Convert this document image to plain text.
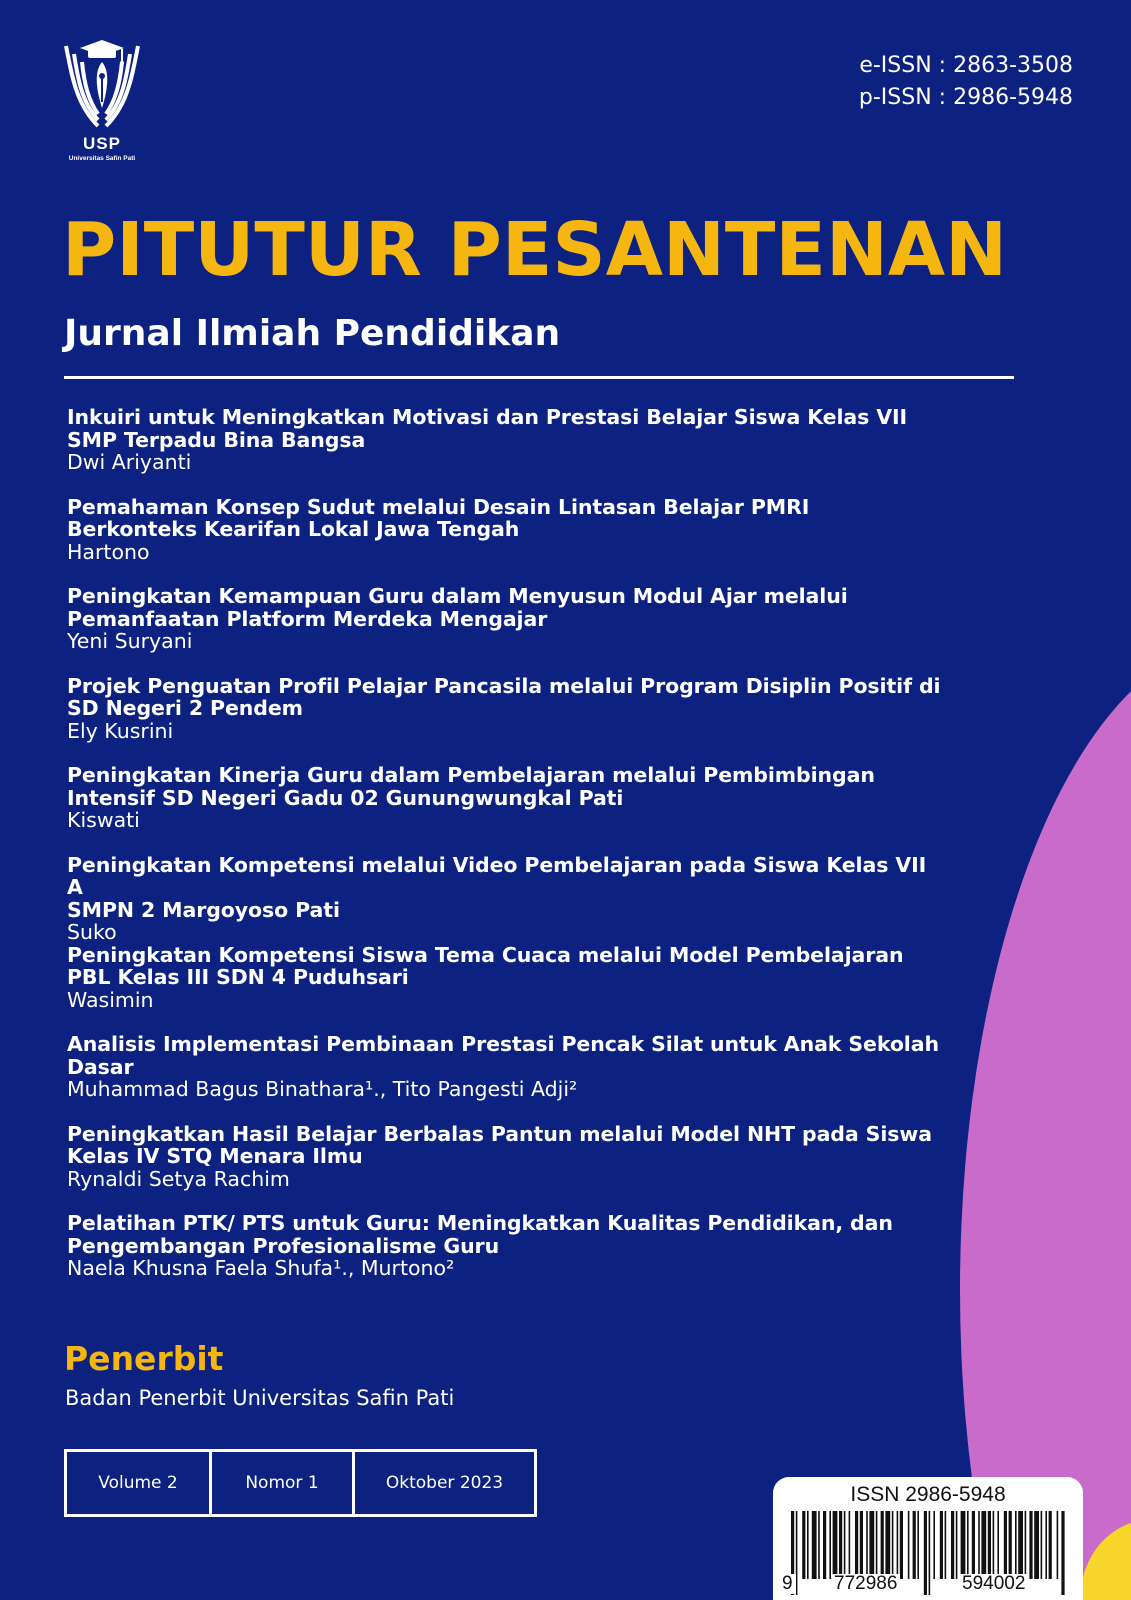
USP
Universitas Safin Pati
e-ISSN : 2863-3508
p-ISSN : 2986-5948
PITUTUR PESANTENAN
Jurnal Ilmiah Pendidikan
Inkuiri untuk Meningkatkan Motivasi dan Prestasi Belajar Siswa Kelas VII
SMP Terpadu Bina Bangsa
Dwi Ariyanti
Pemahaman Konsep Sudut melalui Desain Lintasan Belajar PMRI
Berkonteks Kearifan Lokal Jawa Tengah
Hartono
Peningkatan Kemampuan Guru dalam Menyusun Modul Ajar melalui
Pemanfaatan Platform Merdeka Mengajar
Yeni Suryani
Projek Penguatan Profil Pelajar Pancasila melalui Program Disiplin Positif di
SD Negeri 2 Pendem
Ely Kusrini
Peningkatan Kinerja Guru dalam Pembelajaran melalui Pembimbingan
Intensif SD Negeri Gadu 02 Gunungwungkal Pati
Kiswati
Peningkatan Kompetensi melalui Video Pembelajaran pada Siswa Kelas VII A
SMPN 2 Margoyoso Pati
Suko
Peningkatan Kompetensi Siswa Tema Cuaca melalui Model Pembelajaran
PBL Kelas III SDN 4 Puduhsari
Wasimin
Analisis Implementasi Pembinaan Prestasi Pencak Silat untuk Anak Sekolah
Dasar
Muhammad Bagus Binathara¹., Tito Pangesti Adji²
Peningkatkan Hasil Belajar Berbalas Pantun melalui Model NHT pada Siswa
Kelas IV STQ Menara Ilmu
Rynaldi Setya Rachim
Pelatihan PTK/ PTS untuk Guru: Meningkatkan Kualitas Pendidikan, dan
Pengembangan Profesionalisme Guru
Naela Khusna Faela Shufa¹., Murtono²
Penerbit
Badan Penerbit Universitas Safin Pati
Volume 2	Nomor 1	Oktober 2023	ISSN 2986-5948
9 772986	594002
